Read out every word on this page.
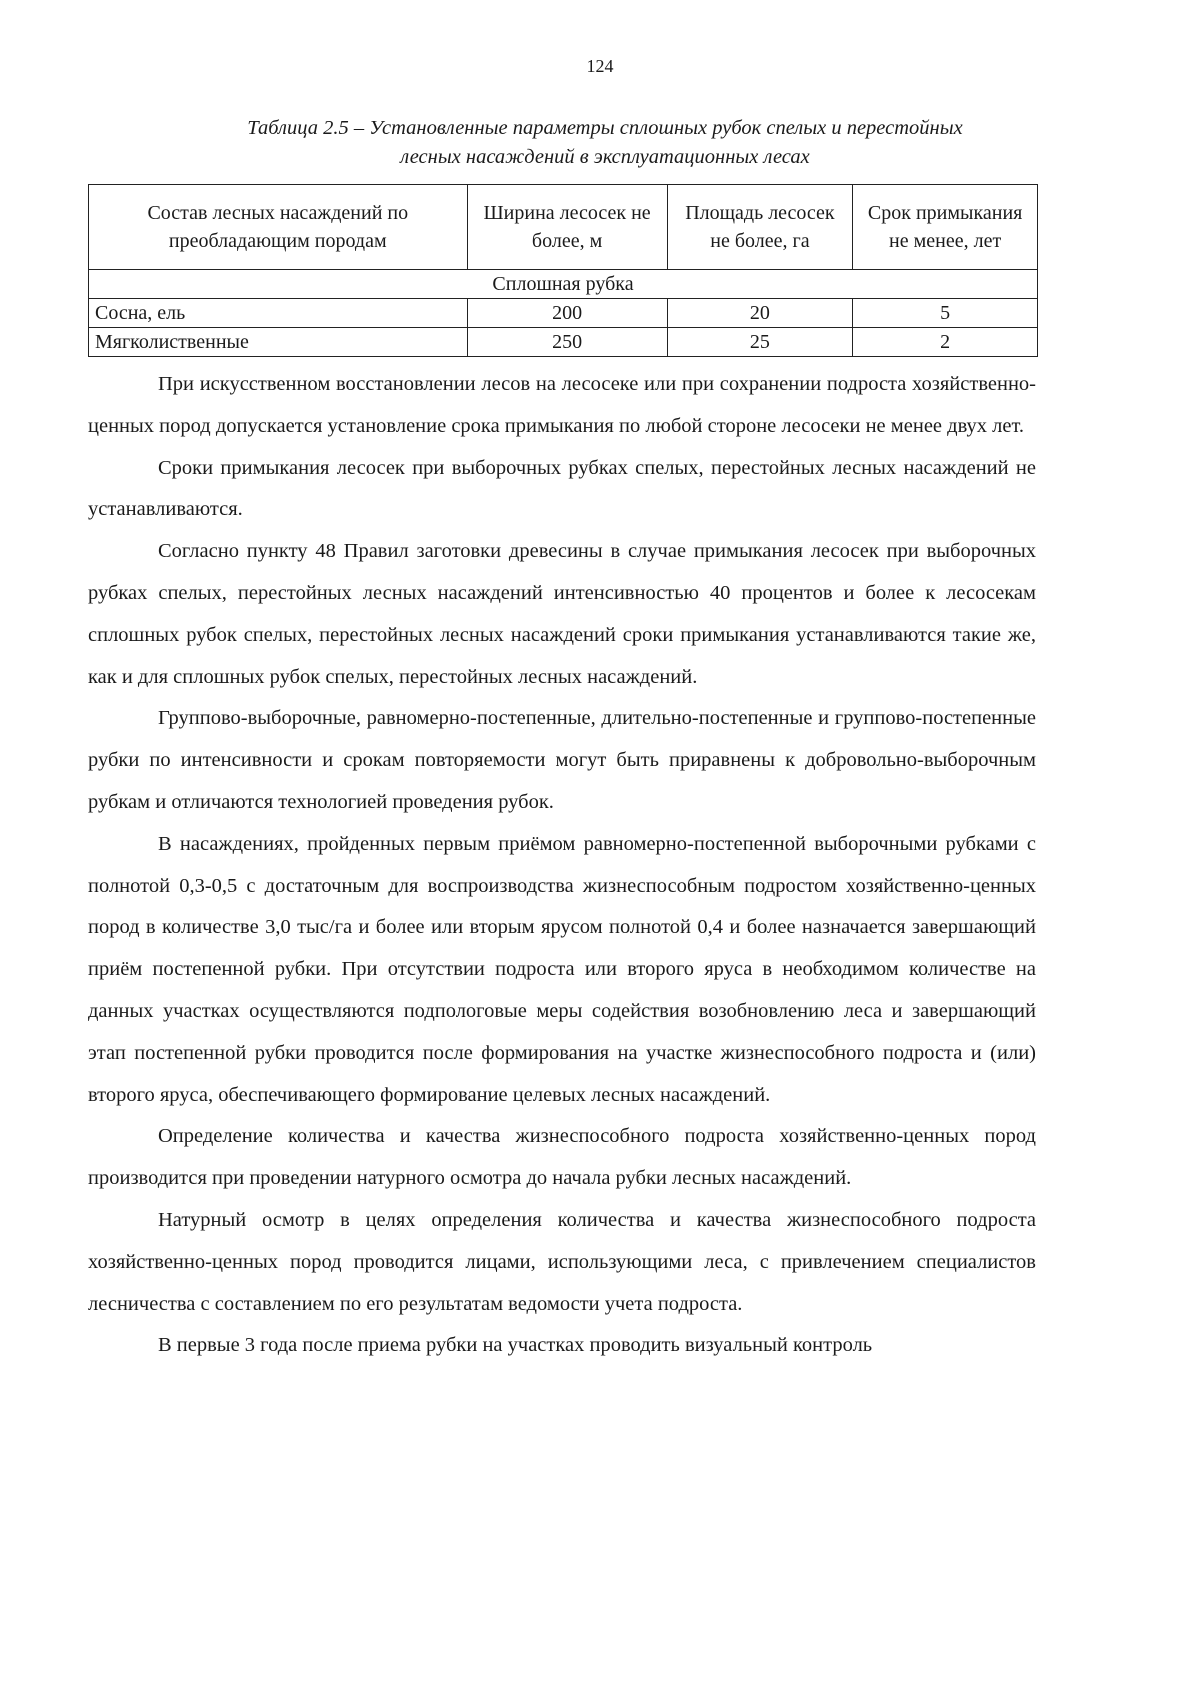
124
Таблица 2.5 – Установленные параметры сплошных рубок спелых и перестойных
лесных насаждений в эксплуатационных лесах
Состав лесных насаждений по преобладающим породам	Ширина лесосек не более, м	Площадь лесосек не более, га	Срок примыкания не менее, лет
Сплошная рубка			
Сосна, ель	200	20	5
Мягколиственные	250	25	2

При искусственном восстановлении лесов на лесосеке или при сохранении подроста хозяйственно-ценных пород допускается установление срока примыкания по любой стороне лесосеки не менее двух лет.

Сроки примыкания лесосек при выборочных рубках спелых, перестойных лесных насаждений не устанавливаются.

Согласно пункту 48 Правил заготовки древесины в случае примыкания лесосек при выборочных рубках спелых, перестойных лесных насаждений интенсивностью 40 процентов и более к лесосекам сплошных рубок спелых, перестойных лесных насаждений сроки примыкания устанавливаются такие же, как и для сплошных рубок спелых, перестойных лесных насаждений.

Группово-выборочные, равномерно-постепенные, длительно-постепенные и группово-постепенные рубки по интенсивности и срокам повторяемости могут быть приравнены к добровольно-выборочным рубкам и отличаются технологией проведения рубок.

В насаждениях, пройденных первым приёмом равномерно-постепенной выборочными рубками с полнотой 0,3-0,5 с достаточным для воспроизводства жизнеспособным подростом хозяйственно-ценных пород в количестве 3,0 тыс/га и более или вторым ярусом полнотой 0,4 и более назначается завершающий приём постепенной рубки. При отсутствии подроста или второго яруса в необходимом количестве на данных участках осуществляются подпологовые меры содействия возобновлению леса и завершающий этап постепенной рубки проводится после формирования на участке жизнеспособного подроста и (или) второго яруса, обеспечивающего формирование целевых лесных насаждений.

Определение количества и качества жизнеспособного подроста хозяйственно-ценных пород производится при проведении натурного осмотра до начала рубки лесных насаждений.

Натурный осмотр в целях определения количества и качества жизнеспособного подроста хозяйственно-ценных пород проводится лицами, использующими леса, с привлечением специалистов лесничества с составлением по его результатам ведомости учета подроста.

В первые 3 года после приема рубки на участках проводить визуальный контроль
